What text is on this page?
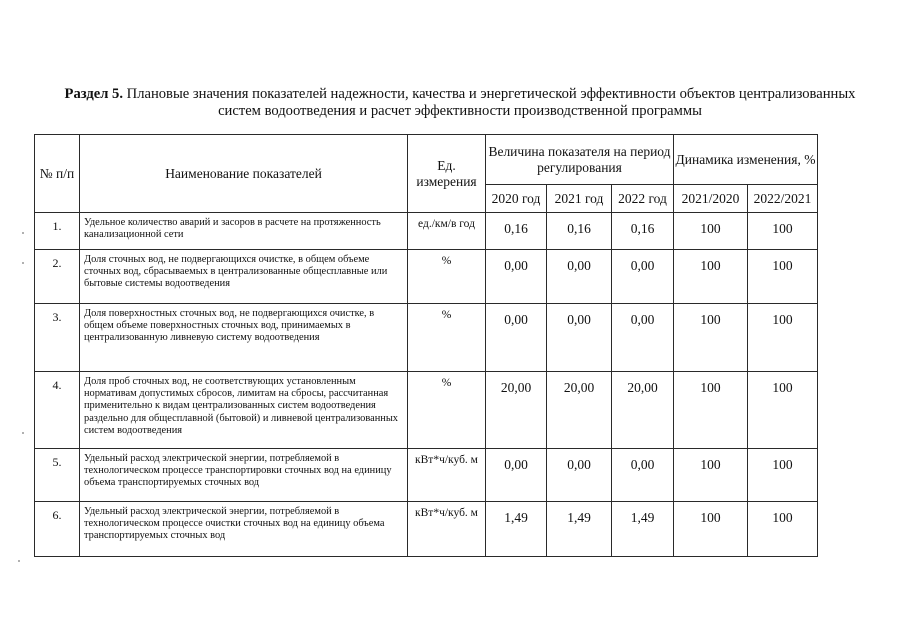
Раздел 5. Плановые значения показателей надежности, качества и энергетической эффективности объектов централизованных систем водоотведения и расчет эффективности производственной программы
№ п/п	Наименование показателей	Ед. измерения	Величина показателя на период регулирования			Динамика изменения, %	
			2020 год	2021 год	2022 год	2021/2020	2022/2021
1.	Удельное количество аварий и засоров в расчете на протяженность канализационной сети	ед./км/в год	0,16	0,16	0,16	100	100
2.	Доля сточных вод, не подвергающихся очистке, в общем объеме сточных вод, сбрасываемых в централизованные общесплавные или бытовые системы водоотведения	%	0,00	0,00	0,00	100	100
3.	Доля поверхностных сточных вод, не подвергающихся очистке, в общем объеме поверхностных сточных вод, принимаемых в централизованную ливневую систему водоотведения	%	0,00	0,00	0,00	100	100
4.	Доля проб сточных вод, не соответствующих установленным нормативам допустимых сбросов, лимитам на сбросы, рассчитанная применительно к видам централизованных систем водоотведения раздельно для общесплавной (бытовой) и ливневой централизованных систем водоотведения	%	20,00	20,00	20,00	100	100
5.	Удельный расход электрической энергии, потребляемой в технологическом процессе транспортировки сточных вод на единицу объема транспортируемых сточных вод	кВт*ч/куб. м	0,00	0,00	0,00	100	100
6.	Удельный расход электрической энергии, потребляемой в технологическом процессе очистки сточных вод на единицу объема транспортируемых сточных вод	кВт*ч/куб. м	1,49	1,49	1,49	100	100
